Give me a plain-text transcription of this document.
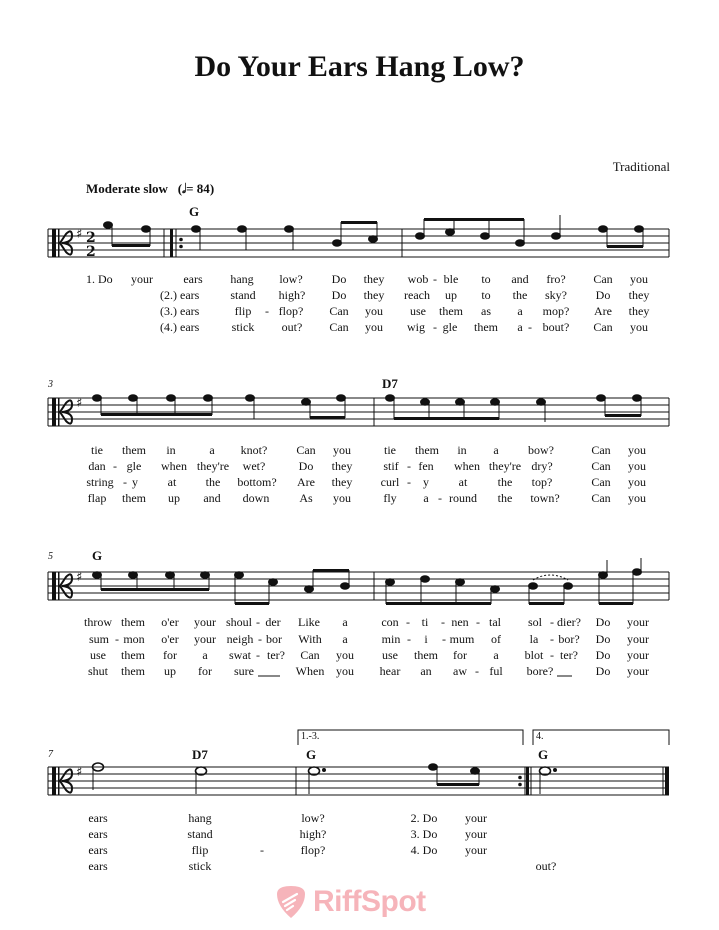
Do Your Ears Hang Low?
Traditional
Moderate slow   (𝅗𝅥= 84)
G
D7
G
D7	G	G
3
5
7
1.-3.	4.
♯
♯
♯
♯
2
2
1. Do your	ears hang low? Do they wob - ble to and fro? Can you
(2.) ears	stand high? Do they reach up to the sky? Do they
(3.) ears	flip - flop? Can you use them as a mop? Are they
(4.) ears	stick out? Can you wig - gle them a - bout? Can you
tie them in	a knot? Can you	tie them in a bow?	Can you
dan - gle when they're wet?	Do they	stif - fen when they're dry?	Can you
string - y at the bottom? Are they curl - y at	the top?	Can you
flap them up and down As you	fly a - round the town?	Can you
throw them o'er your shoul - der Like a	con - ti - nen - tal sol - dier? Do your
sum - mon o'er your neigh - bor With a	min - i - mum of la - bor? Do your
use them for a swat - ter? Can you use them for a blot - ter? Do your
shut them up for sure	When you hear an aw - ful bore?	Do your
ears	hang	low?	2. Do your
ears	stand	high?	3. Do your
ears	flip	-	flop?	4. Do your
ears	stick	out?
RiffSpot
